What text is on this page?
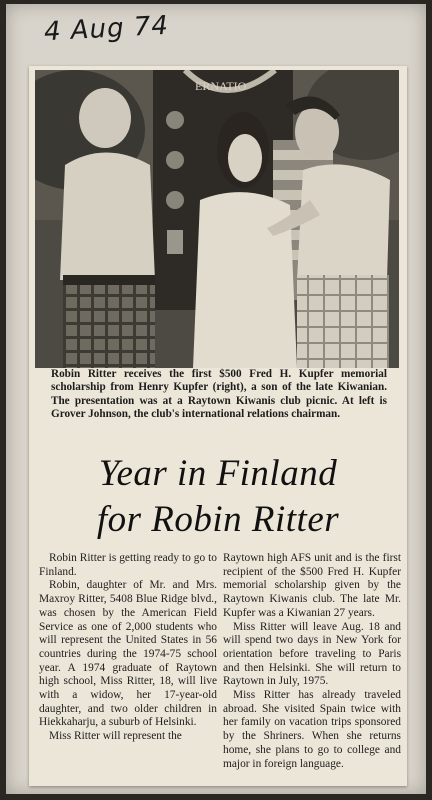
4 Aug 74
ERNATIO
Robin Ritter receives the first $500 Fred H. Kupfer memorial scholarship from Henry Kupfer (right), a son of the late Kiwanian. The presentation was at a Raytown Kiwanis club picnic. At left is Grover Johnson, the club's international relations chairman.
Year in Finland
for Robin Ritter

Robin Ritter is getting ready to go to Finland.

Robin, daughter of Mr. and Mrs. Maxroy Ritter, 5408 Blue Ridge blvd., was chosen by the American Field Service as one of 2,000 students who will represent the United States in 56 countries during the 1974-75 school year. A 1974 graduate of Raytown high school, Miss Ritter, 18, will live with a widow, her 17-year-old daughter, and two older children in Hiekkaharju, a suburb of Helsinki.

Miss Ritter will represent the

Raytown high AFS unit and is the first recipient of the $500 Fred H. Kupfer memorial scholarship given by the Raytown Kiwanis club. The late Mr. Kupfer was a Kiwanian 27 years.

Miss Ritter will leave Aug. 18 and will spend two days in New York for orientation before traveling to Paris and then Helsinki. She will return to Raytown in July, 1975.

Miss Ritter has already traveled abroad. She visited Spain twice with her family on vacation trips sponsored by the Shriners. When she returns home, she plans to go to college and major in foreign language.
